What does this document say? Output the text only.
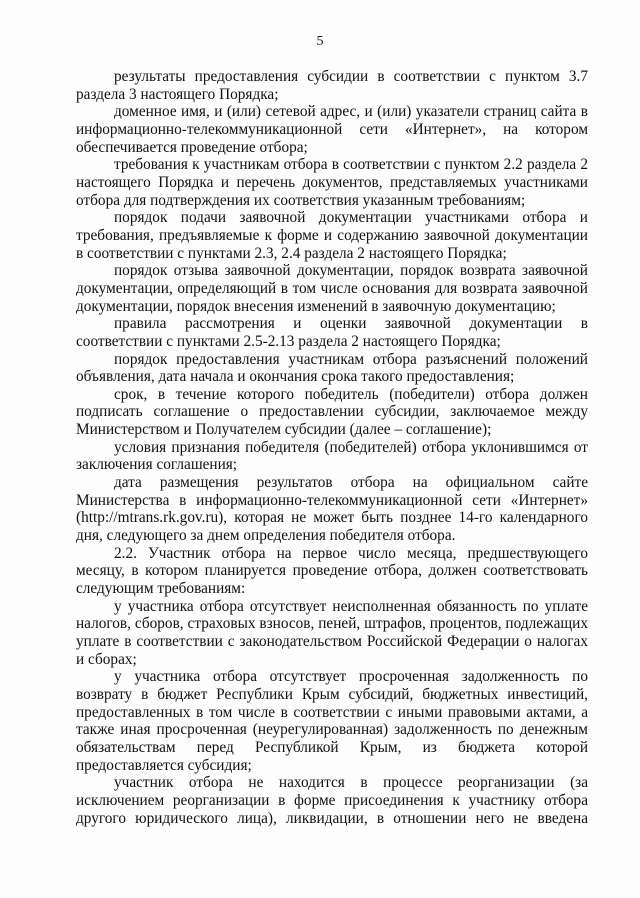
5

результаты предоставления субсидии в соответствии с пунктом 3.7 раздела 3 настоящего Порядка;

доменное имя, и (или) сетевой адрес, и (или) указатели страниц сайта в информационно-телекоммуникационной сети «Интернет», на котором обеспечивается проведение отбора;

требования к участникам отбора в соответствии с пунктом 2.2 раздела 2 настоящего Порядка и перечень документов, представляемых участниками отбора для подтверждения их соответствия указанным требованиям;

порядок подачи заявочной документации участниками отбора и требования, предъявляемые к форме и содержанию заявочной документации в соответствии с пунктами 2.3, 2.4 раздела 2 настоящего Порядка;

порядок отзыва заявочной документации, порядок возврата заявочной документации, определяющий в том числе основания для возврата заявочной документации, порядок внесения изменений в заявочную документацию;

правила рассмотрения и оценки заявочной документации в соответствии с пунктами 2.5-2.13 раздела 2 настоящего Порядка;

порядок предоставления участникам отбора разъяснений положений объявления, дата начала и окончания срока такого предоставления;

срок, в течение которого победитель (победители) отбора должен подписать соглашение о предоставлении субсидии, заключаемое между Министерством и Получателем субсидии (далее – соглашение);

условия признания победителя (победителей) отбора уклонившимся от заключения соглашения;

дата размещения результатов отбора на официальном сайте Министерства в информационно-телекоммуникационной сети «Интернет» (http://mtrans.rk.gov.ru), которая не может быть позднее 14-го календарного дня, следующего за днем определения победителя отбора.

2.2. Участник отбора на первое число месяца, предшествующего месяцу, в котором планируется проведение отбора, должен соответствовать следующим требованиям:

у участника отбора отсутствует неисполненная обязанность по уплате налогов, сборов, страховых взносов, пеней, штрафов, процентов, подлежащих уплате в соответствии с законодательством Российской Федерации о налогах и сборах;

у участника отбора отсутствует просроченная задолженность по возврату в бюджет Республики Крым субсидий, бюджетных инвестиций, предоставленных в том числе в соответствии с иными правовыми актами, а также иная просроченная (неурегулированная) задолженность по денежным обязательствам перед Республикой Крым, из бюджета которой предоставляется субсидия;

участник отбора не находится в процессе реорганизации (за исключением реорганизации в форме присоединения к участнику отбора другого юридического лица), ликвидации, в отношении него не введена
